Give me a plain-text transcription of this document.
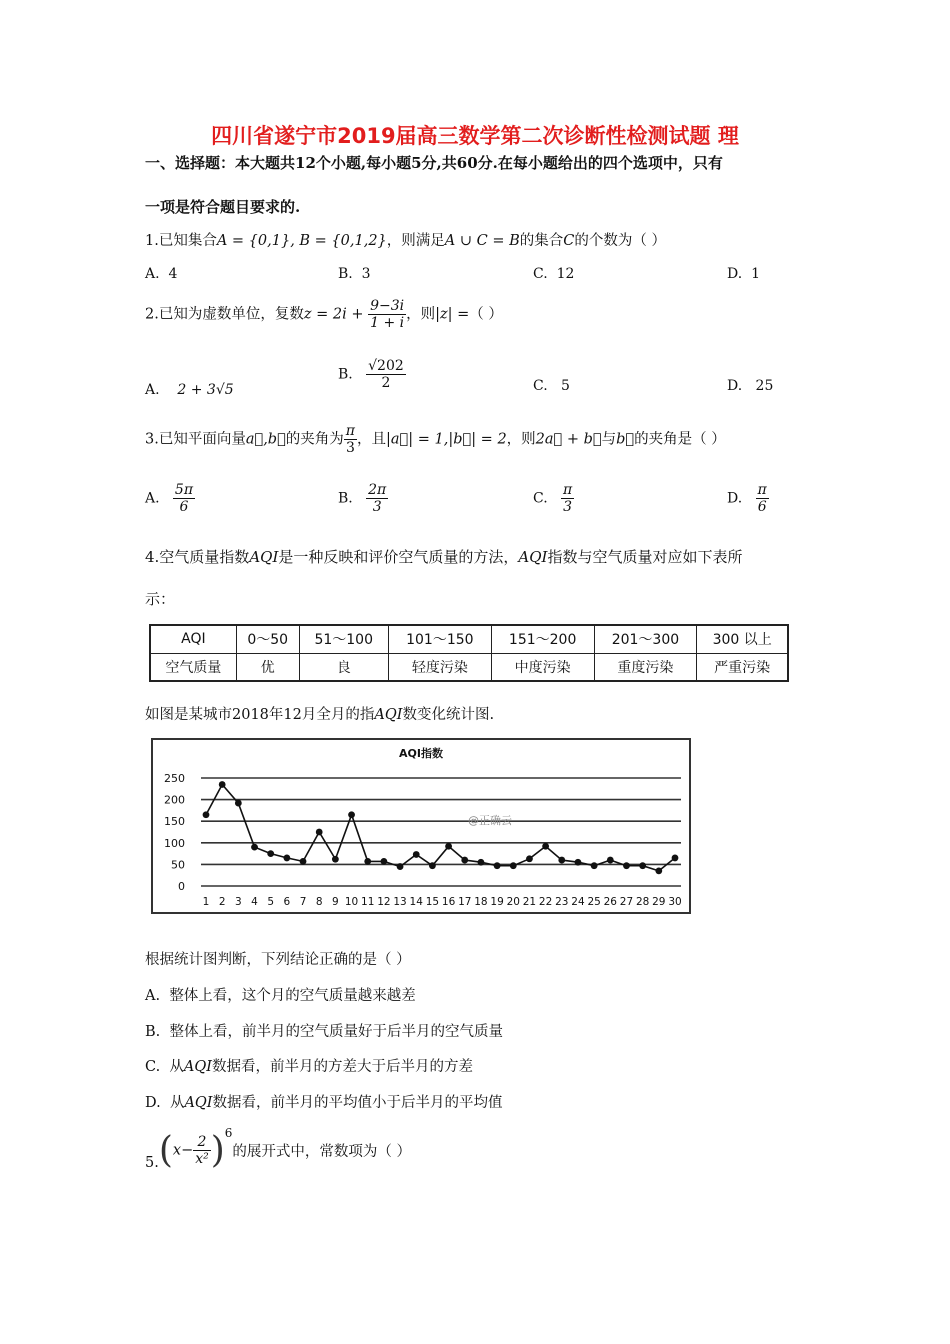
四川省遂宁市2019届高三数学第二次诊断性检测试题 理
一、选择题：本大题共12个小题,每小题5分,共60分.在每小题给出的四个选项中，只有
一项是符合题目要求的.
1.已知集合A = {0,1}, B = {0,1,2}，则满足A ∪ C = B的集合C的个数为（ ）
A. 4	B. 3	C. 12	D. 1
2.已知为虚数单位，复数$z = 2i + \frac{9-3i}{1 + i}$ ，则|z| =（ ）
A. 2 + 3√5
B. $\frac{√202}{2}$	C. 5	D. 25
3.已知平面向量a⃗,b⃗的夹角为 $\frac{\pi}{3}$ ，且|a⃗| = 1,|b⃗| = 2，则2a⃗ + b⃗与b⃗的夹角是（ ）
A. $\frac{5\pi}{6}$	B. $\frac{2\pi}{3}$	C. $\frac{\pi}{3}$	D. $\frac{\pi}{6}$
4.空气质量指数AQI是一种反映和评价空气质量的方法，AQI指数与空气质量对应如下表所
示：
AQI	0～50	51～100	101～150	151～200	201～300	300 以上
空气质量	优	良	轻度污染	中度污染	重度污染	严重污染
如图是某城市2018年12月全月的指AQI数变化统计图.
AQI指数
0
50
100
150
200
250
@正确云
1 2 3 4 5 6 7 8 9 10 11 12 13 14 15 16 17 18 19 20 21 22 23 24 25 26 27 28 29 30
根据统计图判断，下列结论正确的是（ ）
A. 整体上看，这个月的空气质量越来越差
B. 整体上看，前半月的空气质量好于后半月的空气质量
C. 从AQI数据看，前半月的方差大于后半月的方差
D. 从AQI数据看，前半月的平均值小于后半月的平均值
$5.(x- \frac{2}{\text{x²}} )^6$的展开式中，常数项为（ ）
